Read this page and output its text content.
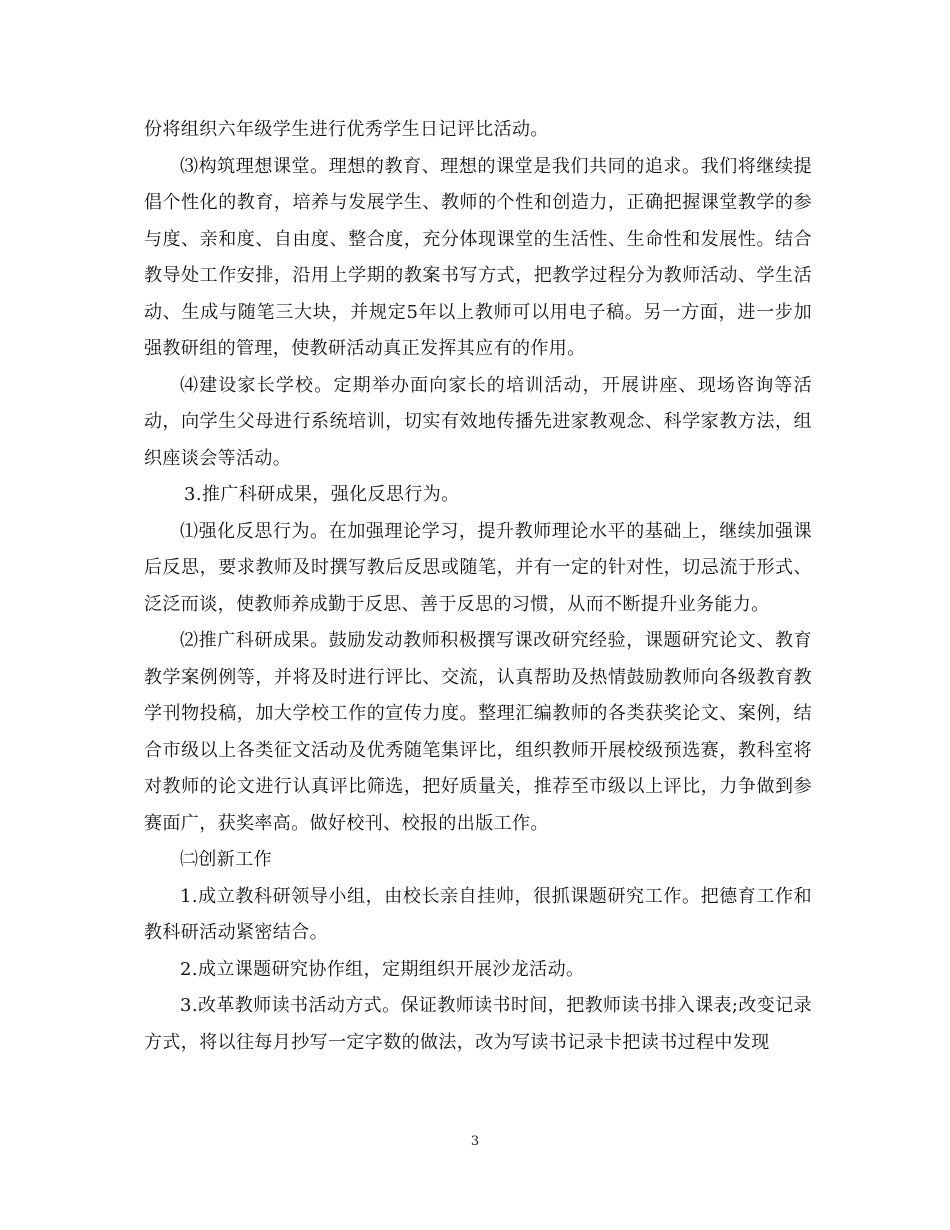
份将组织六年级学生进行优秀学生日记评比活动。

⑶构筑理想课堂。理想的教育、理想的课堂是我们共同的追求。我们将继续提倡个性化的教育，培养与发展学生、教师的个性和创造力，正确把握课堂教学的参与度、亲和度、自由度、整合度，充分体现课堂的生活性、生命性和发展性。结合教导处工作安排，沿用上学期的教案书写方式，把教学过程分为教师活动、学生活动、生成与随笔三大块，并规定5年以上教师可以用电子稿。另一方面，进一步加强教研组的管理，使教研活动真正发挥其应有的作用。

⑷建设家长学校。定期举办面向家长的培训活动，开展讲座、现场咨询等活动，向学生父母进行系统培训，切实有效地传播先进家教观念、科学家教方法，组织座谈会等活动。

3.推广科研成果，强化反思行为。

⑴强化反思行为。在加强理论学习，提升教师理论水平的基础上，继续加强课后反思，要求教师及时撰写教后反思或随笔，并有一定的针对性，切忌流于形式、泛泛而谈，使教师养成勤于反思、善于反思的习惯，从而不断提升业务能力。

⑵推广科研成果。鼓励发动教师积极撰写课改研究经验，课题研究论文、教育教学案例例等，并将及时进行评比、交流，认真帮助及热情鼓励教师向各级教育教学刊物投稿，加大学校工作的宣传力度。整理汇编教师的各类获奖论文、案例，结合市级以上各类征文活动及优秀随笔集评比，组织教师开展校级预选赛，教科室将对教师的论文进行认真评比筛选，把好质量关，推荐至市级以上评比，力争做到参赛面广，获奖率高。做好校刊、校报的出版工作。

㈡创新工作

1.成立教科研领导小组，由校长亲自挂帅，很抓课题研究工作。把德育工作和教科研活动紧密结合。

2.成立课题研究协作组，定期组织开展沙龙活动。

3.改革教师读书活动方式。保证教师读书时间，把教师读书排入课表;改变记录方式，将以往每月抄写一定字数的做法，改为写读书记录卡把读书过程中发现

3
